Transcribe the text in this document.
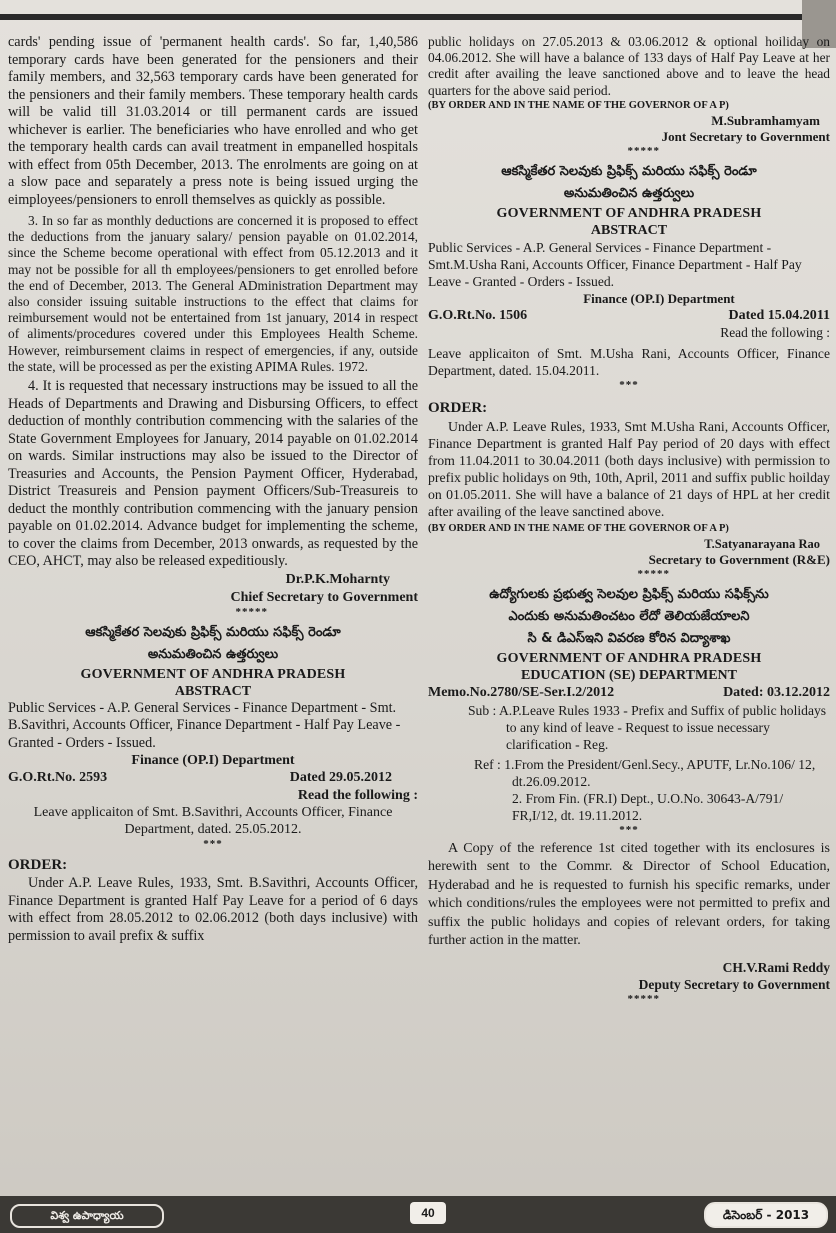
cards' pending issue of 'permanent health cards'. So far, 1,40,586 temporary cards have been generated for the pensioners and their family members, and 32,563 temporary cards have been generated for the pensioners and their family members. These temporary health cards will be valid till 31.03.2014 or till permanent cards are issued whichever is earlier. The beneficiaries who have enrolled and who get the temporary health cards can avail treatment in empanelled hospitals with effect from 05th December, 2013. The enrolments are going on at a slow pace and separately a press note is being issued urging the eimployees/pensioners to enroll themselves as quickly as possible.

3. In so far as monthly deductions are concerned it is proposed to effect the deductions from the january salary/ pension payable on 01.02.2014, since the Scheme become operational with effect from 05.12.2013 and it may not be possible for all th employees/pensioners to get enrolled before the end of December, 2013. The General ADministration Department may also consider issuing suitable instructions to the effect that claims for reimbursement would not be entertained from 1st january, 2014 in respect of aliments/procedures covered under this Employees Health Scheme. However, reimbursement claims in respect of emergencies, if any, outside the state, will be processed as per the existing APIMA Rules. 1972.

4. It is requested that necessary instructions may be issued to all the Heads of Departments and Drawing and Disbursing Officers, to effect deduction of monthly contribution commencing with the salaries of the State Government Employees for January, 2014 payable on 01.02.2014 on wards. Similar instructions may also be issued to the Director of Treasuries and Accounts, the Pension Payment Officer, Hyderabad, District Treasureis and Pension payment Officers/Sub-Treasureis to deduct the monthly contribution commencing with the january pension payable on 01.02.2014. Advance budget for implementing the scheme, to cover the claims from December, 2013 onwards, as requested by the CEO, AHCT, may also be released expeditiously.

Dr.P.K.Moharnty

Chief Secretary to Government

*****

ఆకస్మికేతర సెలవుకు ప్రిఫిక్స్ మరియు సఫిక్స్ రెండూ

అనుమతించిన ఉత్తర్వులు

GOVERNMENT OF ANDHRA PRADESH

ABSTRACT

Public Services - A.P. General Services - Finance Department - Smt. B.Savithri, Accounts Officer, Finance Department - Half Pay Leave - Granted - Orders - Issued.

Finance (OP.I) Department

G.O.Rt.No. 2593	Dated 29.05.2012

Read the following :

Leave applicaiton of Smt. B.Savithri, Accounts Officer, Finance Department, dated. 25.05.2012.

***

ORDER:

Under A.P. Leave Rules, 1933, Smt. B.Savithri, Accounts Officer, Finance Department is granted Half Pay Leave for a period of 6 days with effect from 28.05.2012 to 02.06.2012 (both days inclusive) with permission to avail prefix & suffix

public holidays on 27.05.2013 & 03.06.2012 & optional hoiliday on 04.06.2012. She will have a balance of 133 days of Half Pay Leave at her credit after availing the leave sanctioned above and to leave the head quarters for the above said period.

(BY ORDER AND IN THE NAME OF THE GOVERNOR OF A P)

M.Subramhamyam

Jont Secretary to Government

*****

ఆకస్మికేతర సెలవుకు ప్రిఫిక్స్ మరియు సఫిక్స్ రెండూ

అనుమతించిన ఉత్తర్వులు

GOVERNMENT OF ANDHRA PRADESH

ABSTRACT

Public Services - A.P. General Services - Finance Department - Smt.M.Usha Rani, Accounts Officer, Finance Department - Half Pay Leave - Granted - Orders - Issued.

Finance (OP.I) Department

G.O.Rt.No. 1506	Dated 15.04.2011

Read the following :

Leave applicaiton of Smt. M.Usha Rani, Accounts Officer, Finance Department, dated. 15.04.2011.

***

ORDER:

Under A.P. Leave Rules, 1933, Smt M.Usha Rani, Accounts Officer, Finance Department is granted Half Pay period of 20 days with effect from 11.04.2011 to 30.04.2011 (both days inclusive) with permission to prefix public holidays on 9th, 10th, April, 2011 and suffix public hoilday on 01.05.2011. She will have a balance of 21 days of HPL at her credit after availing of the leave sanctined above.

(BY ORDER AND IN THE NAME OF THE GOVERNOR OF A P)

T.Satyanarayana Rao

Secretary to Government (R&E)

*****

ఉద్యోగులకు ప్రభుత్వ సెలవుల ప్రిఫిక్స్ మరియు సఫిక్స్‌ను

ఎందుకు అనుమతించటం లేదో తెలియజేయాలని

సి & డిఎస్ఇని వివరణ కోరిన విద్యాశాఖ

GOVERNMENT OF ANDHRA PRADESH

EDUCATION (SE) DEPARTMENT

Memo.No.2780/SE-Ser.I.2/2012	Dated: 03.12.2012

Sub : A.P.Leave Rules 1933 - Prefix and Suffix of public holidays to any kind of leave - Request to issue necessary clarification - Reg.

Ref : 1.From the President/Genl.Secy., APUTF, Lr.No.106/ 12, dt.26.09.2012.

2. From Fin. (FR.I) Dept., U.O.No. 30643-A/791/ FR,I/12, dt. 19.11.2012.

***

A Copy of the reference 1st cited together with its enclosures is herewith sent to the Commr. & Director of School Education, Hyderabad and he is requested to furnish his specific remarks, under which conditions/rules the employees were not permitted to prefix and suffix the public holidays and copies of relevant orders, for taking further action in the matter.

CH.V.Rami Reddy

Deputy Secretary to Government

*****

విశ్వ ఉపాధ్యాయ	40	డిసెంబర్ - 2013
